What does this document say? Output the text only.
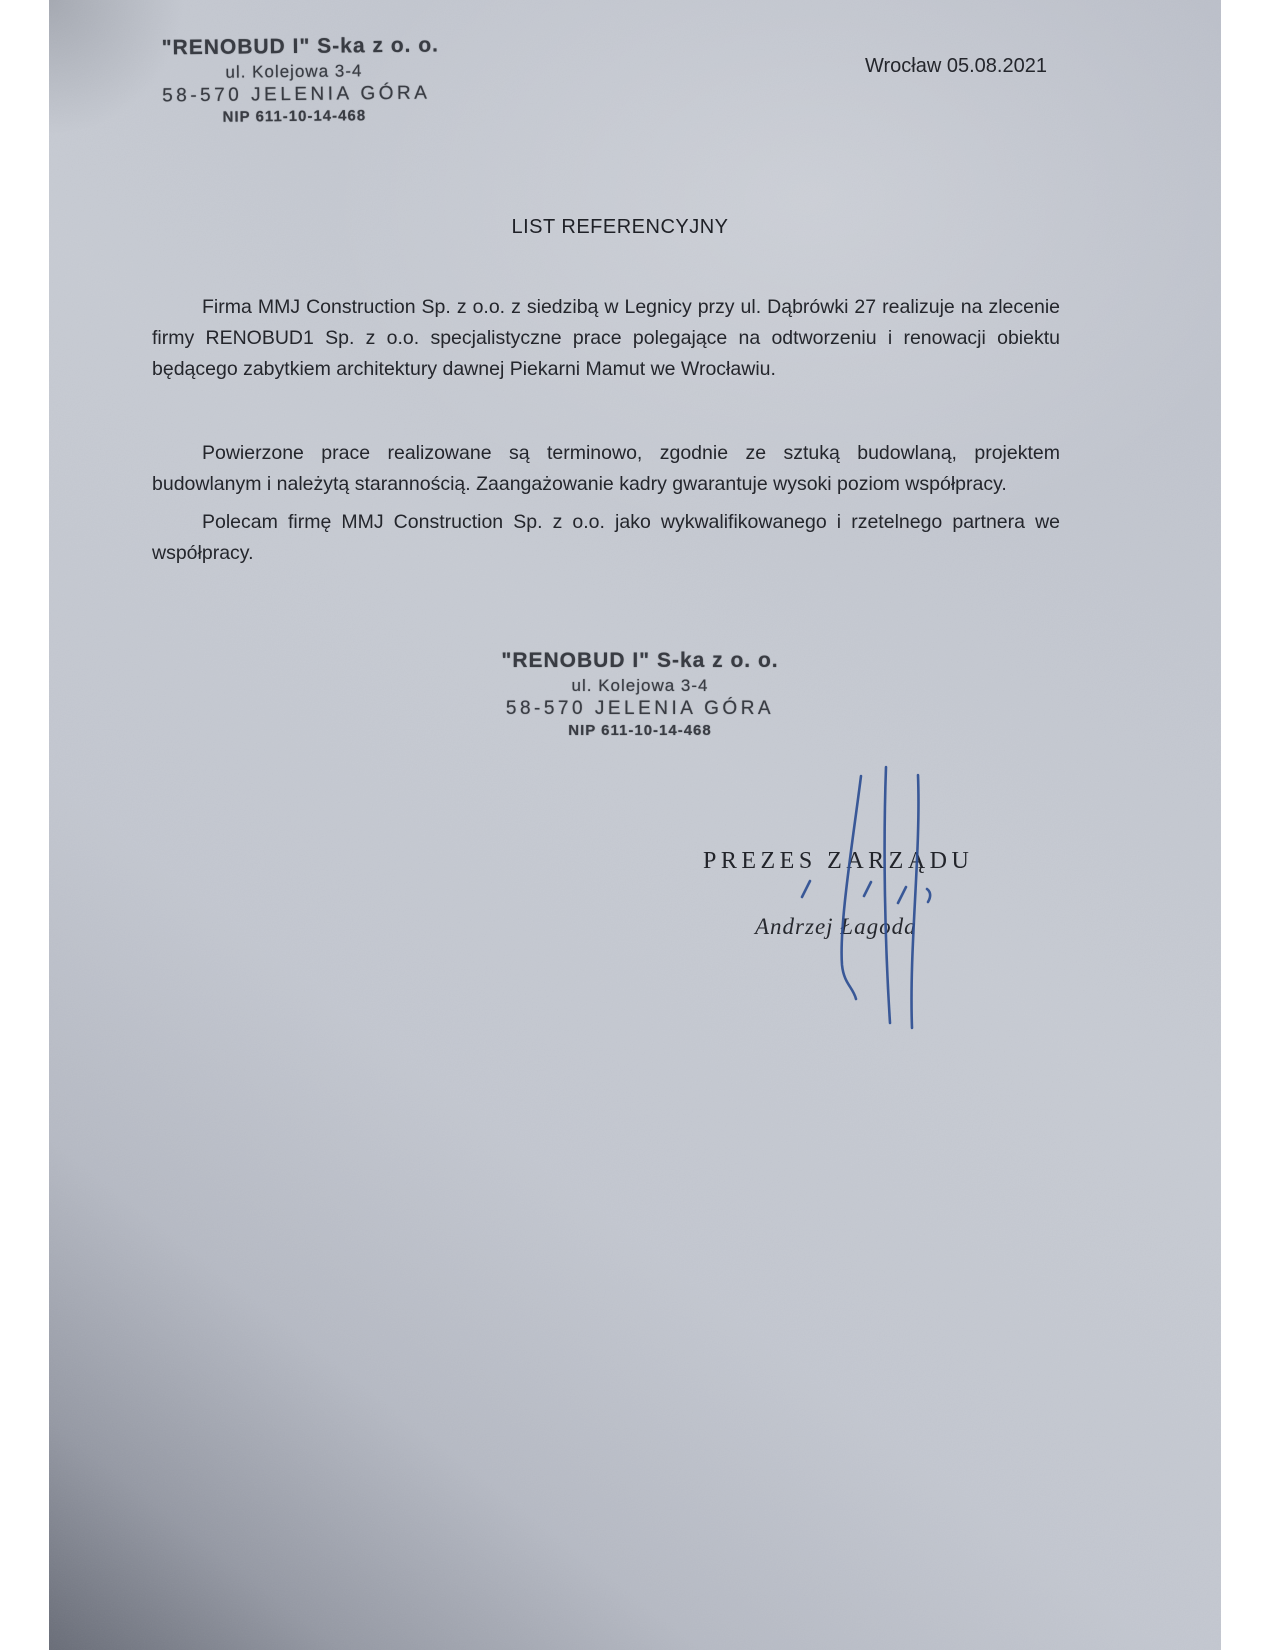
"RENOBUD I" S-ka z o. o.
ul. Kolejowa 3-4
58-570 JELENIA GÓRA
NIP 611-10-14-468
Wrocław 05.08.2021
LIST REFERENCYJNY
Firma MMJ Construction Sp. z o.o. z siedzibą w Legnicy przy ul. Dąbrówki 27 realizuje na zlecenie firmy RENOBUD1 Sp. z o.o. specjalistyczne prace polegające na odtworzeniu i renowacji obiektu będącego zabytkiem architektury dawnej Piekarni Mamut we Wrocławiu.
Powierzone prace realizowane są terminowo, zgodnie ze sztuką budowlaną, projektem budowlanym i należytą starannością. Zaangażowanie kadry gwarantuje wysoki poziom współpracy.
Polecam firmę MMJ Construction Sp. z o.o. jako wykwalifikowanego i rzetelnego partnera we współpracy.
"RENOBUD I" S-ka z o. o.
ul. Kolejowa 3-4
58-570 JELENIA GÓRA
NIP 611-10-14-468
PREZES ZARZĄDU
Andrzej Łagoda
